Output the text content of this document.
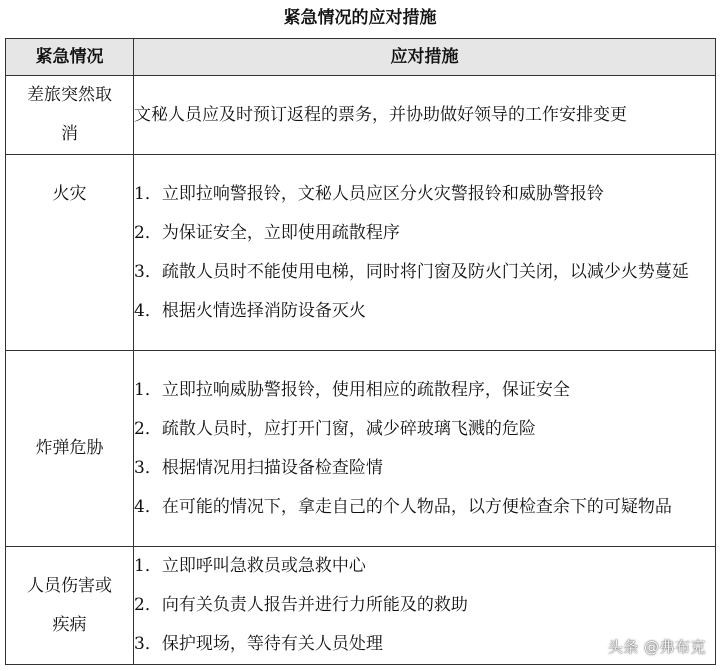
紧急情况的应对措施
紧急情况	应对措施

差旅突然取
消	文秘人员应及时预订返程的票务，并协助做好领导的工作安排变更

火灾	1．立即拉响警报铃，文秘人员应区分火灾警报铃和威胁警报铃
2．为保证安全，立即使用疏散程序
3．疏散人员时不能使用电梯，同时将门窗及防火门关闭，以减少火势蔓延
4．根据火情选择消防设备灭火

炸弹危胁	1．立即拉响威胁警报铃，使用相应的疏散程序，保证安全
2．疏散人员时，应打开门窗，减少碎玻璃飞溅的危险
3．根据情况用扫描设备检查险情
4．在可能的情况下，拿走自己的个人物品，以方便检查余下的可疑物品

人员伤害或
疾病	1．立即呼叫急救员或急救中心
2．向有关负责人报告并进行力所能及的救助
3．保护现场，等待有关人员处理	头条 @弗布克
